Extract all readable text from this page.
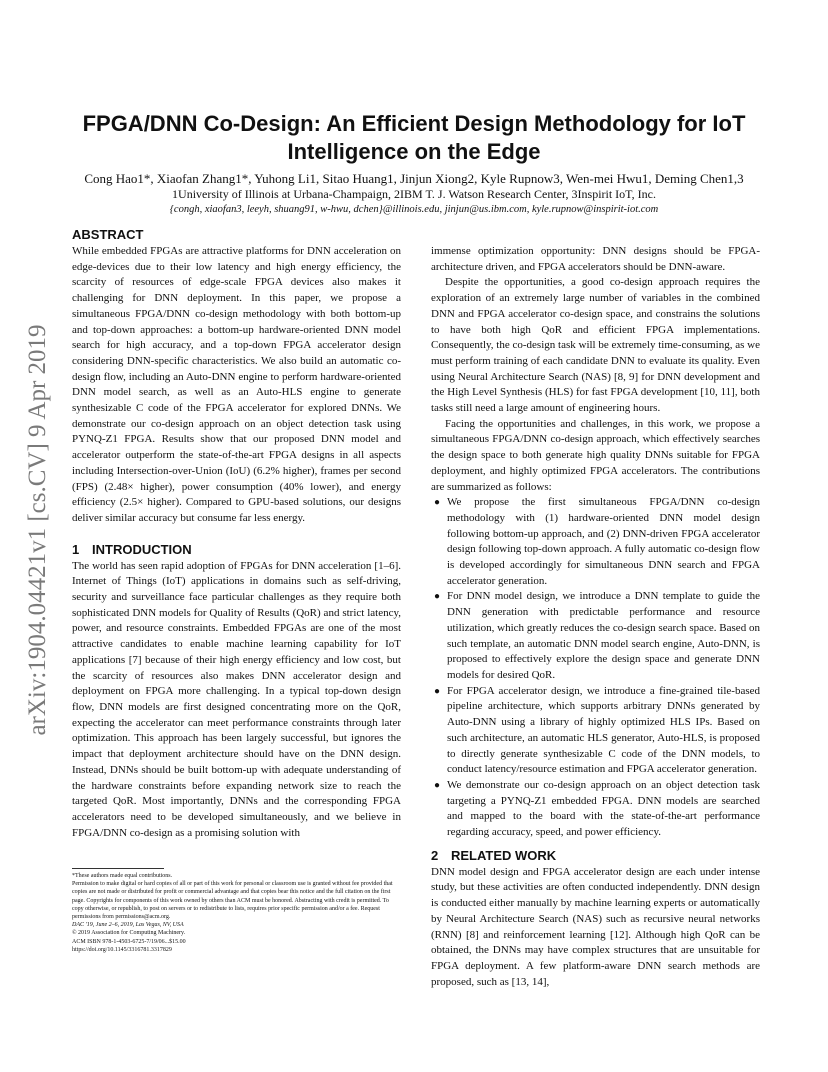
arXiv:1904.04421v1 [cs.CV] 9 Apr 2019
FPGA/DNN Co-Design: An Efficient Design Methodology for IoT Intelligence on the Edge
Cong Hao1*, Xiaofan Zhang1*, Yuhong Li1, Sitao Huang1, Jinjun Xiong2, Kyle Rupnow3, Wen-mei Hwu1, Deming Chen1,3
1University of Illinois at Urbana-Champaign, 2IBM T. J. Watson Research Center, 3Inspirit IoT, Inc.
{congh, xiaofan3, leeyh, shuang91, w-hwu, dchen}@illinois.edu, jinjun@us.ibm.com, kyle.rupnow@inspirit-iot.com
ABSTRACT

While embedded FPGAs are attractive platforms for DNN acceleration on edge-devices due to their low latency and high energy efficiency, the scarcity of resources of edge-scale FPGA devices also makes it challenging for DNN deployment. In this paper, we propose a simultaneous FPGA/DNN co-design methodology with both bottom-up and top-down approaches: a bottom-up hardware-oriented DNN model search for high accuracy, and a top-down FPGA accelerator design considering DNN-specific characteristics. We also build an automatic co-design flow, including an Auto-DNN engine to perform hardware-oriented DNN model search, as well as an Auto-HLS engine to generate synthesizable C code of the FPGA accelerator for explored DNNs. We demonstrate our co-design approach on an object detection task using PYNQ-Z1 FPGA. Results show that our proposed DNN model and accelerator outperform the state-of-the-art FPGA designs in all aspects including Intersection-over-Union (IoU) (6.2% higher), frames per second (FPS) (2.48× higher), power consumption (40% lower), and energy efficiency (2.5× higher). Compared to GPU-based solutions, our designs deliver similar accuracy but consume far less energy.

1 INTRODUCTION

The world has seen rapid adoption of FPGAs for DNN acceleration [1–6]. Internet of Things (IoT) applications in domains such as self-driving, security and surveillance face particular challenges as they require both sophisticated DNN models for Quality of Results (QoR) and strict latency, power, and resource constraints. Embedded FPGAs are one of the most attractive candidates to enable machine learning capability for IoT applications [7] because of their high energy efficiency and low cost, but the scarcity of resources also makes DNN accelerator design and deployment on FPGA more challenging. In a typical top-down design flow, DNN models are first designed concentrating more on the QoR, expecting the accelerator can meet performance constraints through later optimization. This approach has been largely successful, but ignores the impact that deployment architecture should have on the DNN design. Instead, DNNs should be built bottom-up with adequate understanding of the hardware constraints before expanding network size to reach the targeted QoR. Most importantly, DNNs and the corresponding FPGA accelerators need to be developed simultaneously, and we believe in FPGA/DNN co-design as a promising solution with

*These authors made equal contributions.

Permission to make digital or hard copies of all or part of this work for personal or classroom use is granted without fee provided that copies are not made or distributed for profit or commercial advantage and that copies bear this notice and the full citation on the first page. Copyrights for components of this work owned by others than ACM must be honored. Abstracting with credit is permitted. To copy otherwise, or republish, to post on servers or to redistribute to lists, requires prior specific permission and/or a fee. Request permissions from permissions@acm.org.

DAC '19, June 2–6, 2019, Las Vegas, NV, USA

© 2019 Association for Computing Machinery.

ACM ISBN 978-1-4503-6725-7/19/06...$15.00

https://doi.org/10.1145/3316781.3317829

immense optimization opportunity: DNN designs should be FPGA-architecture driven, and FPGA accelerators should be DNN-aware.

Despite the opportunities, a good co-design approach requires the exploration of an extremely large number of variables in the combined DNN and FPGA accelerator co-design space, and constrains the solutions to have both high QoR and efficient FPGA implementations. Consequently, the co-design task will be extremely time-consuming, as we must perform training of each candidate DNN to evaluate its quality. Even using Neural Architecture Search (NAS) [8, 9] for DNN development and the High Level Synthesis (HLS) for fast FPGA development [10, 11], both tasks still need a large amount of engineering hours.

Facing the opportunities and challenges, in this work, we propose a simultaneous FPGA/DNN co-design approach, which effectively searches the design space to both generate high quality DNNs suitable for FPGA deployment, and highly optimized FPGA accelerators. The contributions are summarized as follows:

● We propose the first simultaneous FPGA/DNN co-design methodology with (1) hardware-oriented DNN model design following bottom-up approach, and (2) DNN-driven FPGA accelerator design following top-down approach. A fully automatic co-design flow is developed accordingly for simultaneous DNN search and FPGA accelerator generation.
● For DNN model design, we introduce a DNN template to guide the DNN generation with predictable performance and resource utilization, which greatly reduces the co-design search space. Based on such template, an automatic DNN model search engine, Auto-DNN, is proposed to effectively explore the design space and generate DNN models for desired QoR.
● For FPGA accelerator design, we introduce a fine-grained tile-based pipeline architecture, which supports arbitrary DNNs generated by Auto-DNN using a library of highly optimized HLS IPs. Based on such architecture, an automatic HLS generator, Auto-HLS, is proposed to directly generate synthesizable C code of the DNN models, to conduct latency/resource estimation and FPGA accelerator generation.
● We demonstrate our co-design approach on an object detection task targeting a PYNQ-Z1 embedded FPGA. DNN models are searched and mapped to the board with the state-of-the-art performance regarding accuracy, speed, and power efficiency.
2 RELATED WORK

DNN model design and FPGA accelerator design are each under intense study, but these activities are often conducted independently. DNN design is conducted either manually by machine learning experts or automatically by Neural Architecture Search (NAS) such as recursive neural networks (RNN) [8] and reinforcement learning [12]. Although high QoR can be obtained, the DNNs may have complex structures that are unsuitable for FPGA deployment. A few platform-aware DNN search methods are proposed, such as [13, 14],
